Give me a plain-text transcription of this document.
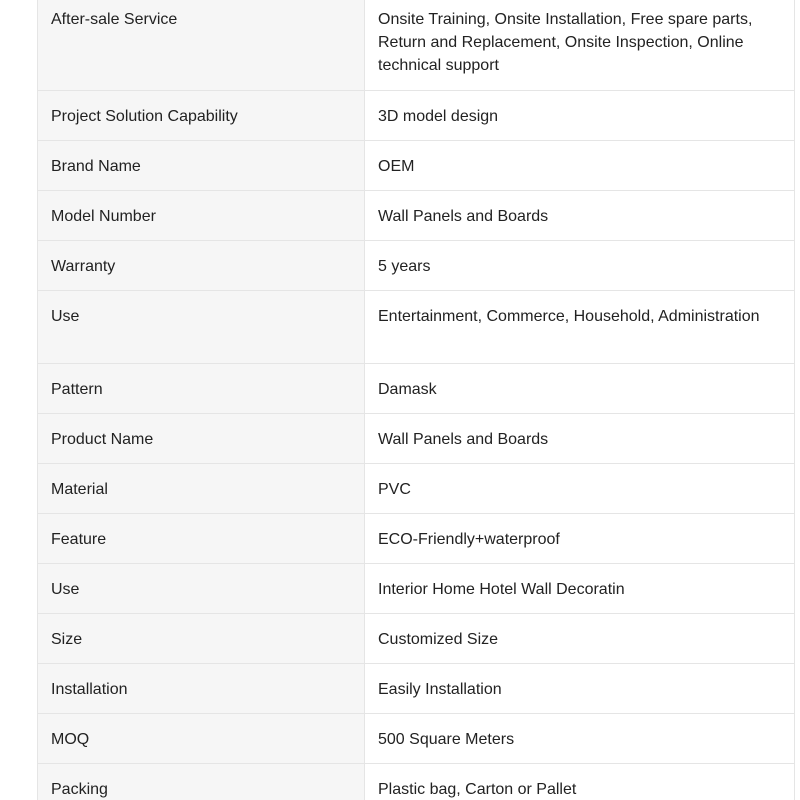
After-sale Service	Onsite Training, Onsite Installation, Free spare parts, Return and Replacement, Onsite Inspection, Online technical support
Project Solution Capability	3D model design
Brand Name	OEM
Model Number	Wall Panels and Boards
Warranty	5 years
Use	Entertainment, Commerce, Household, Administration
Pattern	Damask
Product Name	Wall Panels and Boards
Material	PVC
Feature	ECO-Friendly+waterproof
Use	Interior Home Hotel Wall Decoratin
Size	Customized Size
Installation	Easily Installation
MOQ	500 Square Meters
Packing	Plastic bag, Carton or Pallet
